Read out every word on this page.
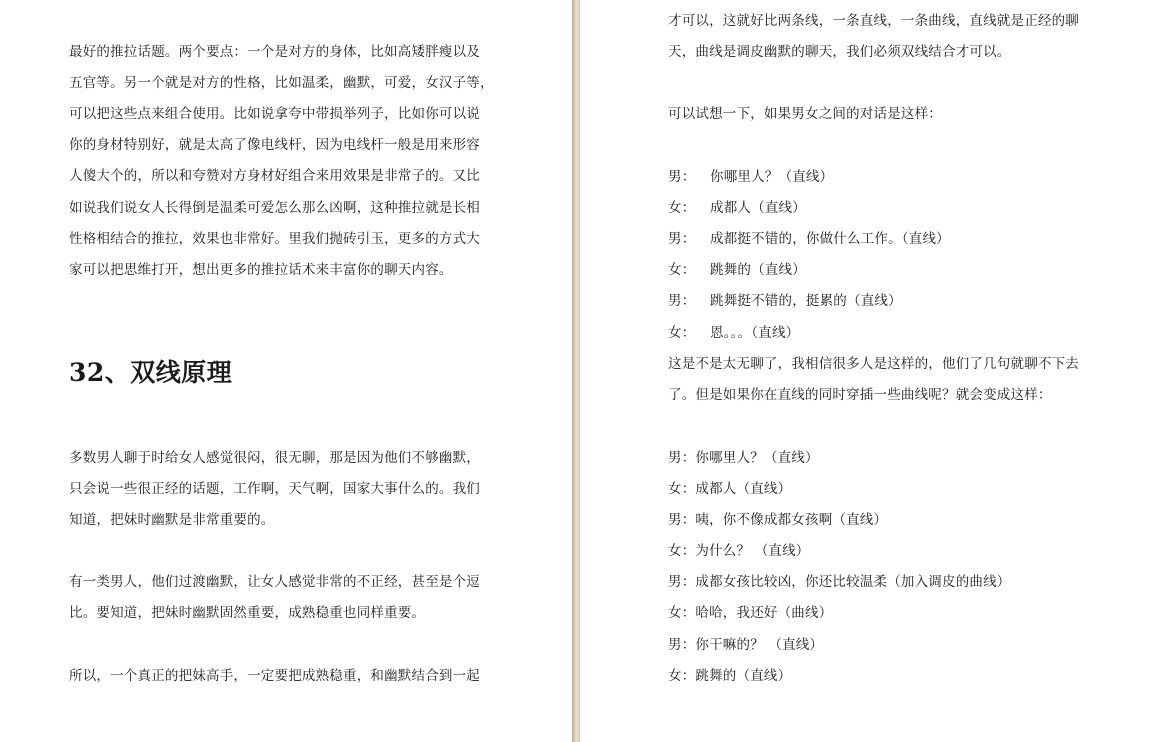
最好的推拉话题。两个要点：一个是对方的身体，比如高矮胖瘦以及

五官等。另一个就是对方的性格，比如温柔，幽默，可爱，女汉子等，

可以把这些点来组合使用。比如说拿夸中带损举列子，比如你可以说

你的身材特别好，就是太高了像电线杆，因为电线杆一般是用来形容

人傻大个的，所以和夸赞对方身材好组合来用效果是非常子的。又比

如说我们说女人长得倒是温柔可爱怎么那么凶啊，这种推拉就是长相

性格相结合的推拉，效果也非常好。里我们抛砖引玉，更多的方式大

家可以把思维打开，想出更多的推拉话术来丰富你的聊天内容。

32、双线原理

多数男人聊于时给女人感觉很闷，很无聊，那是因为他们不够幽默，

只会说一些很正经的话题，工作啊，天气啊，国家大事什么的。我们

知道，把妹时幽默是非常重要的。

有一类男人，他们过渡幽默，让女人感觉非常的不正经，甚至是个逗

比。要知道，把妹时幽默固然重要，成熟稳重也同样重要。

所以，一个真正的把妹高手，一定要把成熟稳重，和幽默结合到一起

才可以，这就好比两条线，一条直线，一条曲线，直线就是正经的聊

天，曲线是调皮幽默的聊天，我们必须双线结合才可以。

可以试想一下，如果男女之间的对话是这样：

男： 你哪里人？（直线）

女： 成都人（直线）

男： 成都挺不错的，你做什么工作。（直线）

女： 跳舞的（直线）

男： 跳舞挺不错的，挺累的（直线）

女： 恩。。。（直线）

这是不是太无聊了，我相信很多人是这样的，他们了几句就聊不下去

了。但是如果你在直线的同时穿插一些曲线呢？就会变成这样：

男：你哪里人？（直线）

女：成都人（直线）

男：咦，你不像成都女孩啊（直线）

女：为什么？ （直线）

男：成都女孩比较凶，你还比较温柔（加入调皮的曲线）

女：哈哈，我还好（曲线）

男：你干嘛的？ （直线）

女：跳舞的（直线）
